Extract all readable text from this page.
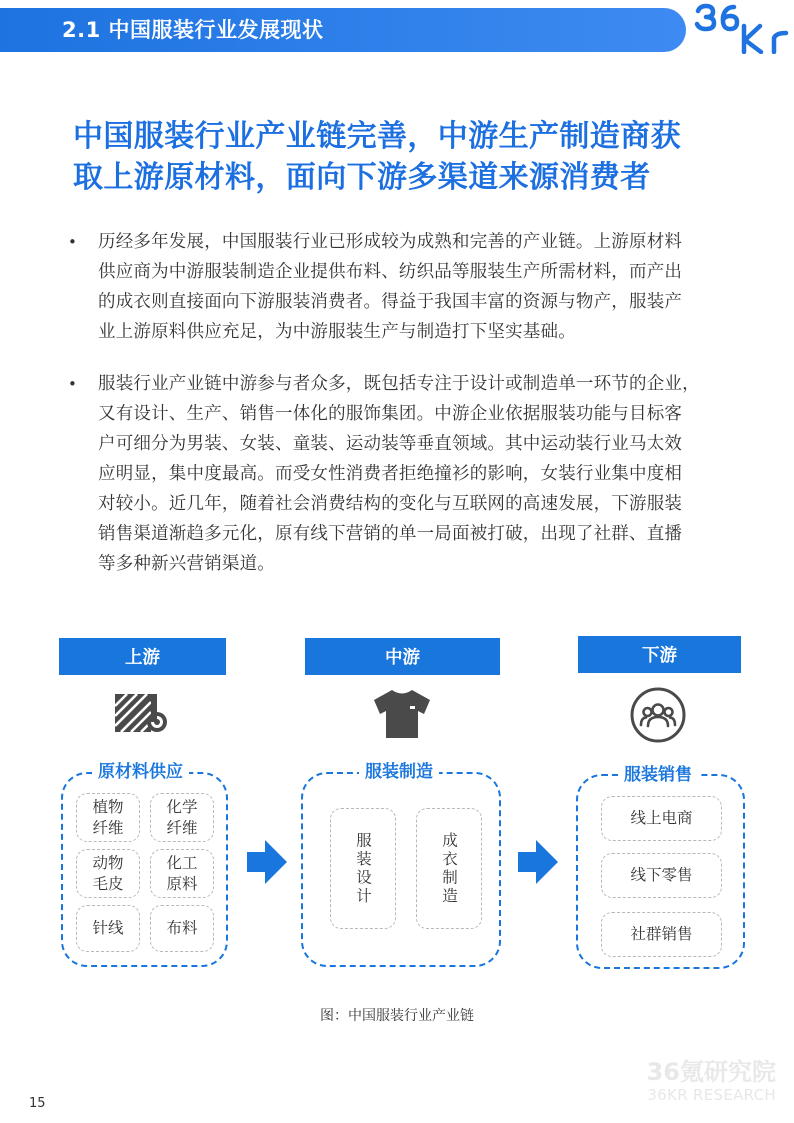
2.1 中国服装行业发展现状
中国服装行业产业链完善，中游生产制造商获
取上游原材料，面向下游多渠道来源消费者
• 历经多年发展，中国服装行业已形成较为成熟和完善的产业链。上游原材料
供应商为中游服装制造企业提供布料、纺织品等服装生产所需材料，而产出
的成衣则直接面向下游服装消费者。得益于我国丰富的资源与物产，服装产
业上游原料供应充足，为中游服装生产与制造打下坚实基础。
• 服装行业产业链中游参与者众多，既包括专注于设计或制造单一环节的企业，
又有设计、生产、销售一体化的服饰集团。中游企业依据服装功能与目标客
户可细分为男装、女装、童装、运动装等垂直领域。其中运动装行业马太效
应明显，集中度最高。而受女性消费者拒绝撞衫的影响，女装行业集中度相
对较小。近几年，随着社会消费结构的变化与互联网的高速发展，下游服装
销售渠道渐趋多元化，原有线下营销的单一局面被打破，出现了社群、直播
等多种新兴营销渠道。
上游	中游	下游
原材料供应
植物
纤维
化学
纤维
动物
毛皮
化工
原料
针线	布料
服装制造
服装设计	成衣制造
服装销售
线上电商
线下零售
社群销售
图：中国服装行业产业链
36氪研究院
36KR RESEARCH
15
